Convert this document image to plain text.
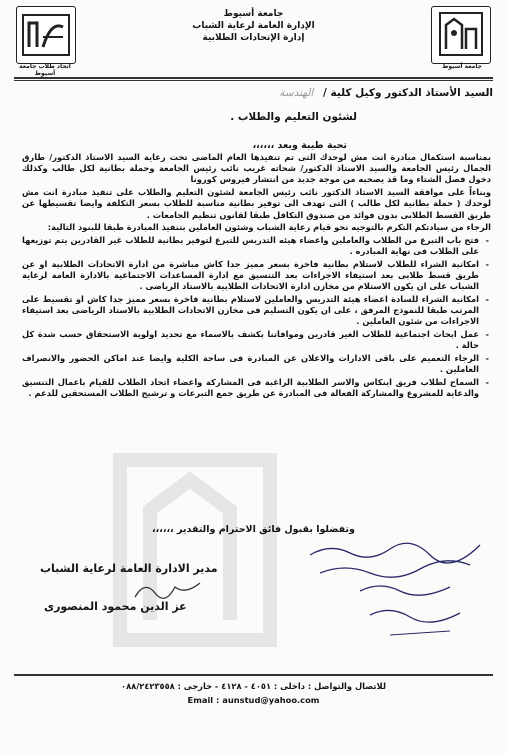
اتحاد طلاب جامعة أسيوط
جامعة أسيوط
الإدارة العامة لرعاية الشباب
إدارة الإتحادات الطلابية
جامعة أسيوط
السيد الأستاذ الدكتور وكيل كلية / الهندسة
لشئون التعليم والطلاب .
تحية طيبة وبعد ،،،،،،

بمناسبة استكمال مبادرة انت مش لوحدك التى تم تنفيذها العام الماضى تحت رعاية السيد الاستاذ الدكتور/ طارق الجمال رئيس الجامعة والسيد الاستاذ الدكتور/ شحاته غريب نائب رئيس الجامعة وحملة بطانية لكل طالب وكذلك دخول فصل الشتاء وما قد يصحبه من موجة جديد من انتشار فيروس كورونا

وبناءاً على موافقة السيد الاستاذ الدكتور نائب رئيس الجامعة لشئون التعليم والطلاب على تنفيذ مبادرة انت مش لوحدك ( حملة بطانية لكل طالب ) التى تهدف الى توفير بطانية مناسبة للطلاب بسعر التكلفة وايضا تقسيطها عن طريق القسط الطلابى بدون فوائد من صندوق التكافل طبقا لقانون تنظيم الجامعات .

الرجاء من سيادتكم التكرم بالتوجيه نحو قيام رعاية الشباب وشئون العاملين بتنفيذ المبادرة طبقا للبنود التالية:

- فتح باب التبرع من الطلاب والعاملين واعضاء هيئه التدريس للتبرع لتوفير بطانية للطلاب غير القادرين يتم توزيعها على الطلاب فى نهاية المبادره .
- امكانية الشراء للطلاب لاستلام بطانية فاخرة بسعر مميز جدا كاش مباشرة من ادارة الاتحادات الطلابية او عن طريق قسط طلابى بعد استيفاء الاجراءات بعد التنسيق مع ادارة المساعدات الاجتماعية بالادارة العامة لرعاية الشباب على ان يكون الاستلام من مخازن ادارة الاتحادات الطلابية بالاستاد الرياضى .
- امكانية الشراء للسادة اعضاء هيئة التدريس والعاملين لاستلام بطانية فاخرة بسعر مميز جدا كاش او تقسيط على المرتب طبقا للنموذج المرفق ، على ان يكون التسليم فى مخازن الاتحادات الطلابية بالاستاد الرياضى بعد استيفاء الاجراءات من شئون العاملين .
- عمل ابحاث اجتماعية للطلاب الغير قادرين وموافاتنا بكشف بالاسماء مع تحديد اولوية الاستحقاق حسب شدة كل حالة .
- الرجاء التعميم على باقى الادارات والاعلان عن المبادرة فى ساحة الكلية وايضا عند اماكن الحضور والانصراف العاملين .
- السماح لطلاب فريق اينكاس والاسر الطلابية الراغبة فى المشاركة واعضاء اتحاد الطلاب للقيام باعمال التنسيق والدعاية للمشروع والمشاركة الفعالة فى المبادرة عن طريق جمع التبرعات و ترشيح الطلاب المستحقين للدعم .
وتفضلوا بقبول فائق الاحترام والتقدير ،،،،،،
مدير الادارة العامة لرعاية الشباب
عز الدين محمود المنصورى
للاتصال والتواصل : داخلى : ٤٠٥١ - ٤١٢٨ - خارجى : ٠٨٨/٢٤٢٣٥٥٨
Email : aunstud@yahoo.com
